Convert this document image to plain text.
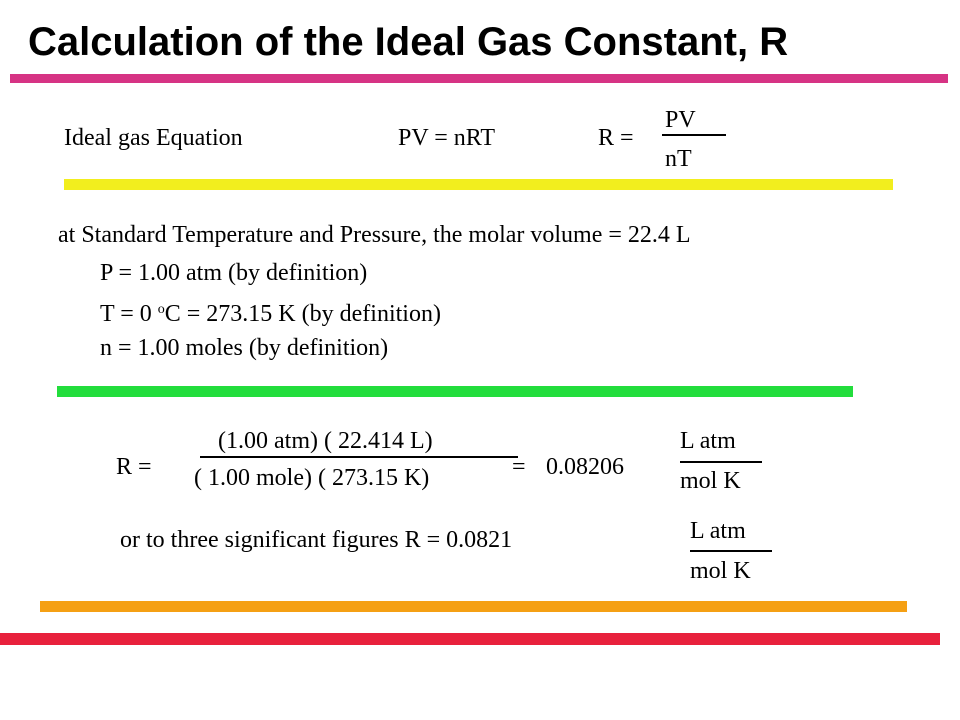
Calculation of the Ideal Gas Constant, R
Ideal gas Equation	PV = nRT	R =
PV
nT
at Standard Temperature and Pressure, the molar volume = 22.4 L
P = 1.00 atm (by definition)
T = 0 $^o$C = 273.15 K (by definition)
n = 1.00 moles (by definition)
R =
(1.00 atm) ( 22.414 L)
( 1.00 mole) ( 273.15 K)	= 0.08206
L atm
mol K
or to three significant figures R = 0.0821	L atm
mol K
